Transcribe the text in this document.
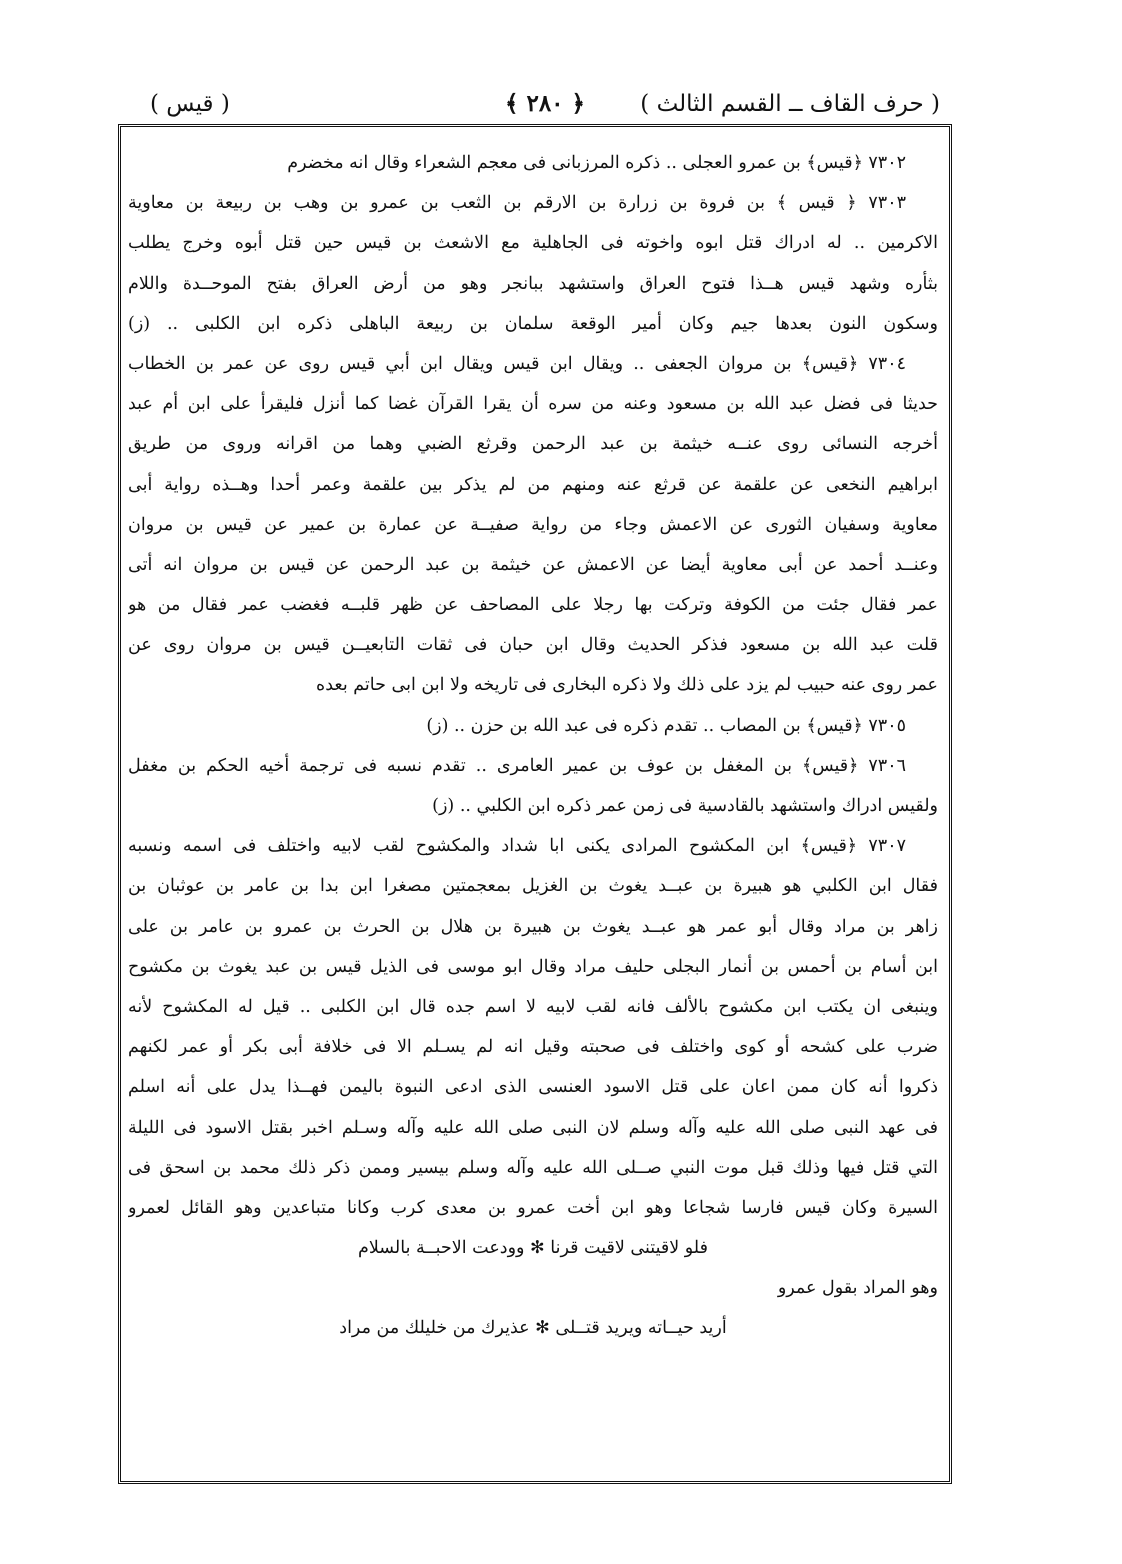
( حرف القاف ــ القسم الثالث )
﴿ ٢٨٠ ﴾
( قيس )
٧٣٠٢ ﴿قيس﴾ بن عمرو العجلى .. ذكره المرزبانى فى معجم الشعراء وقال انه مخضرم
٧٣٠٣ ﴿ قيس ﴾ بن فروة بن زرارة بن الارقم بن الثعب بن عمرو بن وهب بن ربيعة بن معاوية
الاكرمين .. له ادراك قتل ابوه واخوته فى الجاهلية مع الاشعث بن قيس حين قتل أبوه وخرج يطلب
بثأره وشهد قيس هــذا فتوح العراق واستشهد ببانجر وهو من أرض العراق بفتح الموحــدة واللام
وسكون النون بعدها جيم وكان أمير الوقعة سلمان بن ربيعة الباهلى ذكره ابن الكلبى .. (ز)
٧٣٠٤ ﴿قيس﴾ بن مروان الجعفى .. ويقال ابن قيس ويقال ابن أبي قيس روى عن عمر بن الخطاب
حديثا فى فضل عبد الله بن مسعود وعنه من سره أن يقرا القرآن غضا كما أنزل فليقرأ على ابن أم عبد
أخرجه النسائى روى عنــه خيثمة بن عبد الرحمن وقرثع الضبي وهما من اقرانه وروى من طريق
ابراهيم النخعى عن علقمة عن قرثع عنه ومنهم من لم يذكر بين علقمة وعمر أحدا وهــذه رواية أبى
معاوية وسفيان الثورى عن الاعمش وجاء من رواية صفيــة عن عمارة بن عمير عن قيس بن مروان
وعنــد أحمد عن أبى معاوية أيضا عن الاعمش عن خيثمة بن عبد الرحمن عن قيس بن مروان انه أتى
عمر فقال جئت من الكوفة وتركت بها رجلا على المصاحف عن ظهر قلبــه فغضب عمر فقال من هو
قلت عبد الله بن مسعود فذكر الحديث وقال ابن حبان فى ثقات التابعيــن قيس بن مروان روى عن
عمر روى عنه حبيب لم يزد على ذلك ولا ذكره البخارى فى تاريخه ولا ابن ابى حاتم بعده
٧٣٠٥ ﴿قيس﴾ بن المصاب .. تقدم ذكره فى عبد الله بن حزن .. (ز)
٧٣٠٦ ﴿قيس﴾ بن المغفل بن عوف بن عمير العامرى .. تقدم نسبه فى ترجمة أخيه الحكم بن مغفل
ولقيس ادراك واستشهد بالقادسية فى زمن عمر ذكره ابن الكلبي .. (ز)
٧٣٠٧ ﴿قيس﴾ ابن المكشوح المرادى يكنى ابا شداد والمكشوح لقب لابيه واختلف فى اسمه ونسبه
فقال ابن الكلبي هو هبيرة بن عبــد يغوث بن الغزيل بمعجمتين مصغرا ابن بدا بن عامر بن عوثبان بن
زاهر بن مراد وقال أبو عمر هو عبــد يغوث بن هبيرة بن هلال بن الحرث بن عمرو بن عامر بن على
ابن أسام بن أحمس بن أنمار البجلى حليف مراد وقال ابو موسى فى الذيل قيس بن عبد يغوث بن مكشوح
وينبغى ان يكتب ابن مكشوح بالألف فانه لقب لابيه لا اسم جده قال ابن الكلبى .. قيل له المكشوح لأنه
ضرب على كشحه أو كوى واختلف فى صحبته وقيل انه لم يسـلم الا فى خلافة أبى بكر أو عمر لكنهم
ذكروا أنه كان ممن اعان على قتل الاسود العنسى الذى ادعى النبوة باليمن فهــذا يدل على أنه اسلم
فى عهد النبى صلى الله عليه وآله وسلم لان النبى صلى الله عليه وآله وسـلم اخبر بقتل الاسود فى الليلة
التي قتل فيها وذلك قبل موت النبي صــلى الله عليه وآله وسلم بيسير وممن ذكر ذلك محمد بن اسحق فى
السيرة وكان قيس فارسا شجاعا وهو ابن أخت عمرو بن معدى كرب وكانا متباعدين وهو القائل لعمرو
فلو لاقيتنى لاقيت قرنا ✻ وودعت الاحبــة بالسلام
وهو المراد بقول عمرو
أريد حيــاته ويريد قتــلى ✻ عذيرك من خليلك من مراد
